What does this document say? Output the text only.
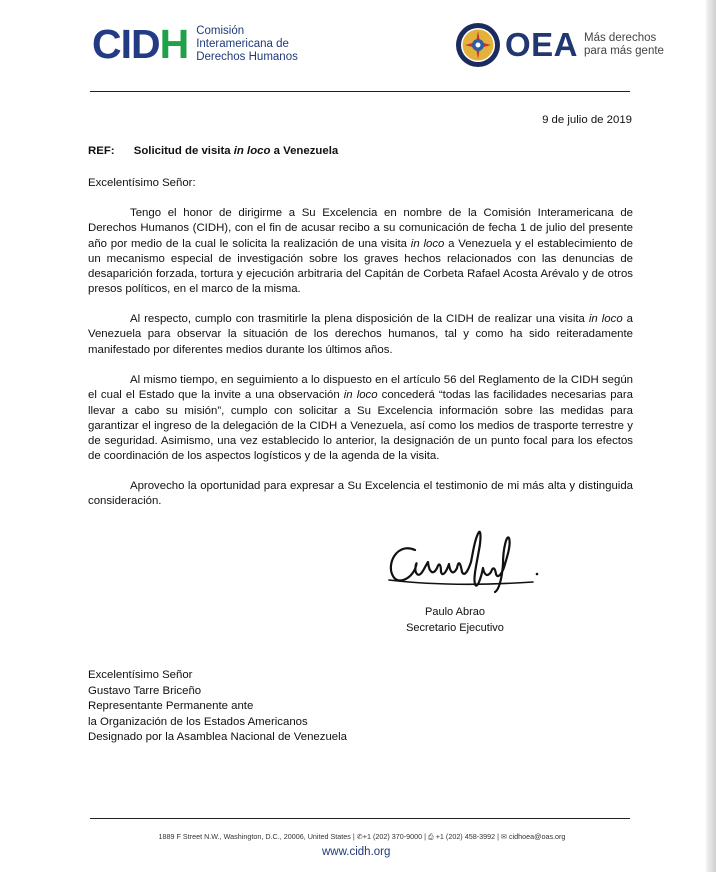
CIDH Comisión
Interamericana de
Derechos Humanos	OEA Más derechos
para más gente
9 de julio de 2019
REF: Solicitud de visita in loco a Venezuela
Excelentísimo Señor:
Tengo el honor de dirigirme a Su Excelencia en nombre de la Comisión Interamericana de Derechos Humanos (CIDH), con el fin de acusar recibo a su comunicación de fecha 1 de julio del presente año por medio de la cual le solicita la realización de una visita in loco a Venezuela y el establecimiento de un mecanismo especial de investigación sobre los graves hechos relacionados con las denuncias de desaparición forzada, tortura y ejecución arbitraria del Capitán de Corbeta Rafael Acosta Arévalo y de otros presos políticos, en el marco de la misma.
Al respecto, cumplo con trasmitirle la plena disposición de la CIDH de realizar una visita in loco a Venezuela para observar la situación de los derechos humanos, tal y como ha sido reiteradamente manifestado por diferentes medios durante los últimos años.
Al mismo tiempo, en seguimiento a lo dispuesto en el artículo 56 del Reglamento de la CIDH según el cual el Estado que la invite a una observación in loco concederá “todas las facilidades necesarias para llevar a cabo su misión”, cumplo con solicitar a Su Excelencia información sobre las medidas para garantizar el ingreso de la delegación de la CIDH a Venezuela, así como los medios de trasporte terrestre y de seguridad. Asimismo, una vez establecido lo anterior, la designación de un punto focal para los efectos de coordinación de los aspectos logísticos y de la agenda de la visita.
Aprovecho la oportunidad para expresar a Su Excelencia el testimonio de mi más alta y distinguida consideración.
Paulo Abrao
Secretario Ejecutivo
Excelentísimo Señor
Gustavo Tarre Briceño
Representante Permanente ante
la Organización de los Estados Americanos
Designado por la Asamblea Nacional de Venezuela
1889 F Street N.W., Washington, D.C., 20006, United States | ✆+1 (202) 370-9000 | ⎙ +1 (202) 458-3992 | ✉ cidhoea@oas.org
www.cidh.org
